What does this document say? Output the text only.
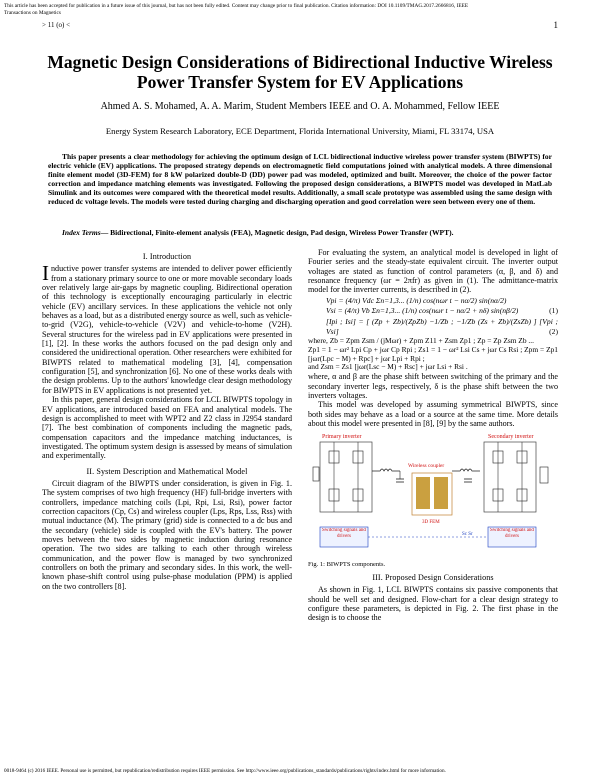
This article has been accepted for publication in a future issue of this journal, but has not been fully edited. Content may change prior to final publication. Citation information: DOI 10.1109/TMAG.2017.2666816, IEEE
> 11 (o) <	1
Transactions on Magnetics
Magnetic Design Considerations of Bidirectional Inductive Wireless Power Transfer System for EV Applications
Ahmed A. S. Mohamed, A. A. Marim, Student Members IEEE and O. A. Mohammed, Fellow IEEE
Energy System Research Laboratory, ECE Department, Florida International University, Miami, FL 33174, USA

This paper presents a clear methodology for achieving the optimum design of LCL bidirectional inductive wireless power transfer system (BIWPTS) for electric vehicle (EV) applications. The proposed strategy depends on electromagnetic field computations joined with analytical models. A three dimensional finite element model (3D-FEM) for 8 kW polarized double-D (DD) power pad was modeled, optimized and built. Moreover, the choice of the power factor correction and impedance matching elements was investigated. Following the proposed design considerations, a BIWPTS model was developed in MatLab Simulink and its outcomes were compared with the theoretical model results. Additionally, a small scale prototype was assembled using the same design with reduced dc voltage levels. The models were tested during charging and discharging operation and good correlation were seen between every one of them.

Index Terms— Bidirectional, Finite-element analysis (FEA), Magnetic design, Pad design, Wireless Power Transfer (WPT).

I. Introduction

Inductive power transfer systems are intended to deliver power efficiently from a stationary primary source to one or more movable secondary loads over relatively large air-gaps by magnetic coupling. Bidirectional operation of this technology is exceptionally encouraging particularly in electric vehicle (EV) ancillary services. In these applications the vehicle not only behaves as a load, but as a distributed energy source as well, such as vehicle-to-grid (V2G), vehicle-to-vehicle (V2V) and vehicle-to-home (V2H). Several structures for the wireless pad in EV applications were presented in [1], [2]. In these works the authors focused on the pad design only and considered the unidirectional operation. Other researchers were exhibited for BIWPTS related to mathematical modeling [3], [4], compensation configuration [5], and synchronization [6]. No one of these works deals with the design problems. Up to the authors' knowledge clear design methodology for BIWPTS in EV applications is not presented yet.

In this paper, general design considerations for LCL BIWPTS topology in EV applications, are introduced based on FEA and analytical models. The design is accomplished to meet with WPT2 and Z2 class in J2954 standard [7]. The best combination of components including the magnetic pads, compensation capacitors and the impedance matching inductances, is investigated. The optimum system design is assessed by means of simulation and experimentally.

II. System Description and Mathematical Model

Circuit diagram of the BIWPTS under consideration, is given in Fig. 1. The system comprises of two high frequency (HF) full-bridge inverters with controllers, impedance matching coils (Lpi, Rpi, Lsi, Rsi), power factor correction capacitors (Cp, Cs) and wireless coupler (Lps, Rps, Lss, Rss) with mutual inductance (M). The primary (grid) side is connected to a dc bus and the secondary (vehicle) side is coupled with the EV's battery. The power moves between the two sides by magnetic induction during resonance operation. The two sides are talking to each other through wireless communication, and the power flow is managed by two synchronized controllers on both the primary and secondary sides. In this work, the well-known phase-shift control using pulse-phase modulation (PPM) is applied on the two controllers [8].

For evaluating the system, an analytical model is developed in light of Fourier series and the steady-state equivalent circuit. The inverter output voltages are stated as function of control parameters (α, β, and δ) and resonance frequency (ωr = 2πfr) as given in (1). The admittance-matrix model for the inverter currents, is described in (2).

Vpi = (4/π) Vdc Σn=1,3... (1/n) cos(nωr t − nα/2) sin(nα/2)
Vsi = (4/π) Vb Σn=1,3... (1/n) cos(nωr t − nα/2 + nδ) sin(nβ/2)	(1)
[Ipi ; Isi] = [ (Zp + Zb)/(ZpZb) −1/Zb ; −1/Zb (Zs + Zb)/(ZsZb) ] [Vpi ; Vsi]	(2)

where, Zb = Zpm Zsm / (jMωr) + Zpm Z11 + Zsm Zp1 ; Zp = Zp Zsm Zb ...

Zp1 = 1 − ωr² Lpi Cp + jωr Cp Rpi ; Zs1 = 1 − ωr² Lsi Cs + jωr Cs Rsi ; Zpm = Zp1 [jωr(Lpc − M) + Rpc] + jωr Lpi + Rpi ;

and Zsm = Zs1 [jωr(Lsc − M) + Rsc] + jωr Lsi + Rsi .

where, α and β are the phase shift between switching of the primary and the secondary inverter legs, respectively, δ is the phase shift between the two inverters voltages.

This model was developed by assuming symmetrical BIWPTS, since both sides may behave as a load or a source at the same time. More details about this model were presented in [8], [9] by the same authors.

Primary inverter
Wireless coupler
3D FEM
Secondary inverter
Switching signals and drivers
Switching signals and drivers
Sc Sr
Fig. 1: BIWPTS components.
III. Proposed Design Considerations

As shown in Fig. 1, LCL BIWPTS contains six passive components that should be well set and designed. Flow-chart for a clear design strategy to configure these parameters, is depicted in Fig. 2. The first phase in the design is to choose the

0018-9464 (c) 2016 IEEE. Personal use is permitted, but republication/redistribution requires IEEE permission. See http://www.ieee.org/publications_standards/publications/rights/index.html for more information.
